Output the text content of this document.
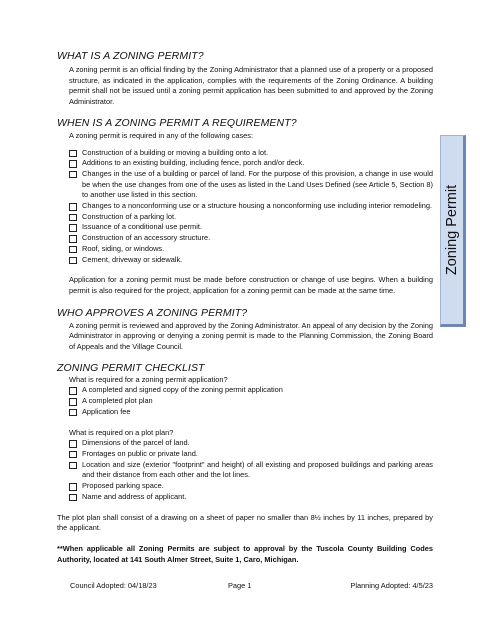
WHAT IS A ZONING PERMIT?

A zoning permit is an official finding by the Zoning Administrator that a planned use of a property or a proposed structure, as indicated in the application, complies with the requirements of the Zoning Ordinance. A building permit shall not be issued until a zoning permit application has been submitted to and approved by the Zoning Administrator.

WHEN IS A ZONING PERMIT A REQUIREMENT?

A zoning permit is required in any of the following cases:

Construction of a building or moving a building onto a lot.
Additions to an existing building, including fence, porch and/or deck.
Changes in the use of a building or parcel of land. For the purpose of this provision, a change in use would be when the use changes from one of the uses as listed in the Land Uses Defined (see Article 5, Section 8) to another use listed in this section.
Changes to a nonconforming use or a structure housing a nonconforming use including interior remodeling.
Construction of a parking lot.
Issuance of a conditional use permit.
Construction of an accessory structure.
Roof, siding, or windows.
Cement, driveway or sidewalk.

Application for a zoning permit must be made before construction or change of use begins. When a building permit is also required for the project, application for a zoning permit can be made at the same time.

WHO APPROVES A ZONING PERMIT?

A zoning permit is reviewed and approved by the Zoning Administrator. An appeal of any decision by the Zoning Administrator in approving or denying a zoning permit is made to the Planning Commission, the Zoning Board of Appeals and the Village Council.

ZONING PERMIT CHECKLIST

What is required for a zoning permit application?

A completed and signed copy of the zoning permit application
A completed plot plan
Application fee

What is required on a plot plan?

Dimensions of the parcel of land.
Frontages on public or private land.
Location and size (exterior "footprint" and height) of all existing and proposed buildings and parking areas and their distance from each other and the lot lines.
Proposed parking space.
Name and address of applicant.

The plot plan shall consist of a drawing on a sheet of paper no smaller than 8½ inches by 11 inches, prepared by the applicant.

**When applicable all Zoning Permits are subject to approval by the Tuscola County Building Codes Authority, located at 141 South Almer Street, Suite 1, Caro, Michigan.

Zoning Permit
Council Adopted: 04/18/23	Page 1	Planning Adopted: 4/5/23
